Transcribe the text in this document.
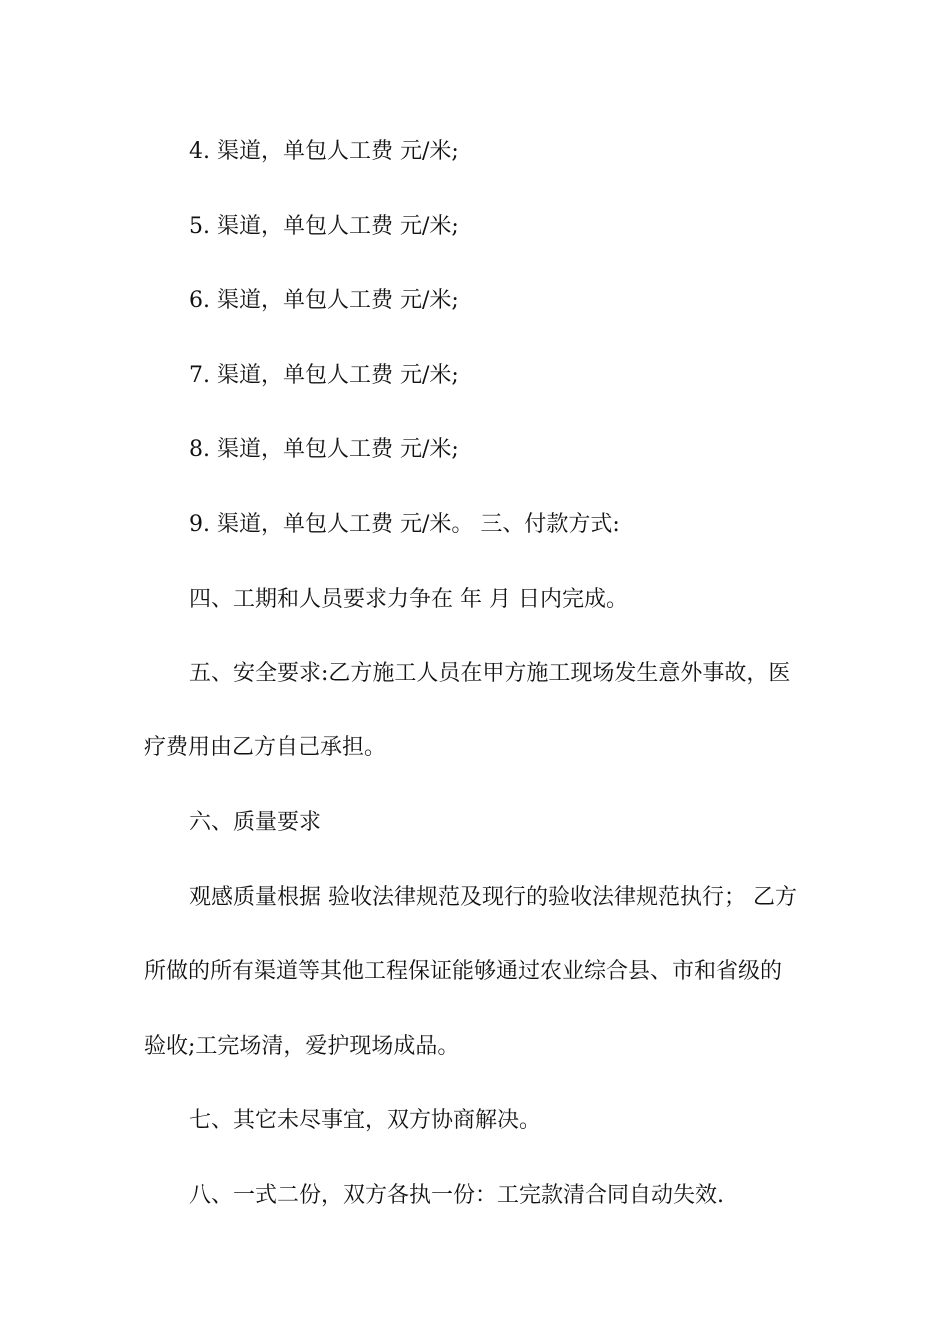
4. 渠道，单包人工费 元/米;
5. 渠道，单包人工费 元/米;
6. 渠道，单包人工费 元/米;
7. 渠道，单包人工费 元/米;
8. 渠道，单包人工费 元/米;
9. 渠道，单包人工费 元/米。 三、付款方式:
四、工期和人员要求力争在 年 月 日内完成。
五、安全要求:乙方施工人员在甲方施工现场发生意外事故，医
疗费用由乙方自己承担。
六、质量要求
观感质量根据 验收法律规范及现行的验收法律规范执行； 乙方
所做的所有渠道等其他工程保证能够通过农业综合县、市和省级的
验收;工完场清，爱护现场成品。
七、其它未尽事宜，双方协商解决。
八、一式二份，双方各执一份：工完款清合同自动失效.
